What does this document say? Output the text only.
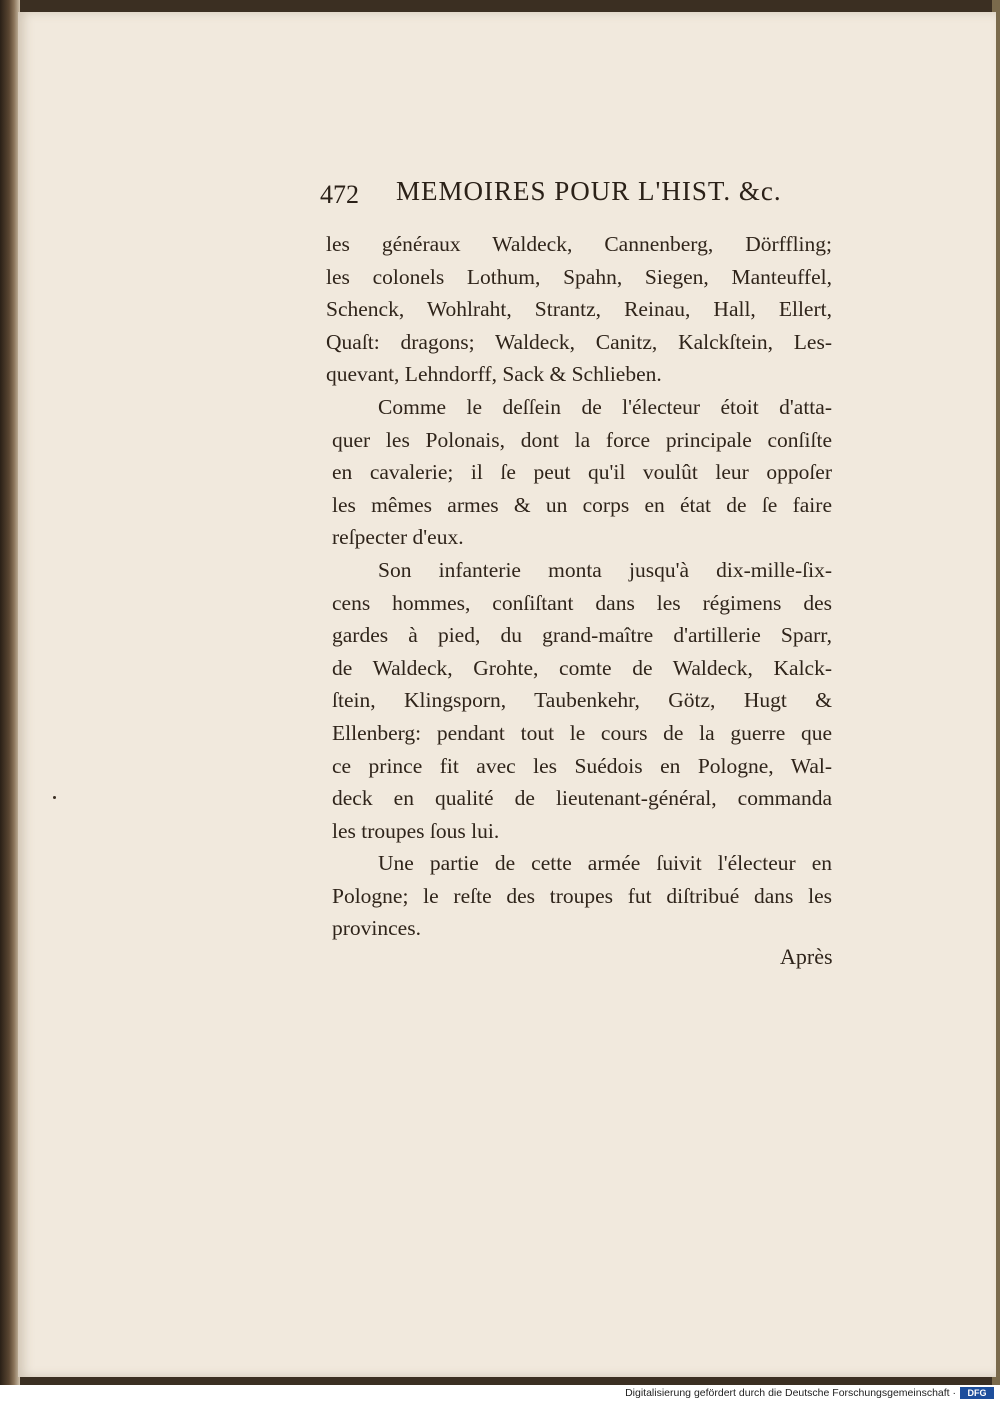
472 MEMOIRES POUR L'HIST. &c.
les généraux Waldeck, Cannenberg, Dörffling;
les colonels Lothum, Spahn, Siegen, Manteuffel,
Schenck, Wohlraht, Strantz, Reinau, Hall, Ellert,
Quaſt: dragons; Waldeck, Canitz, Kalckſtein, Les-
quevant, Lehndorff, Sack & Schlieben.
Comme le deſſein de l'électeur étoit d'atta-
quer les Polonais, dont la force principale conſiſte
en cavalerie; il ſe peut qu'il voulût leur oppoſer
les mêmes armes & un corps en état de ſe faire
reſpecter d'eux.
Son infanterie monta jusqu'à dix-mille-ſix-
cens hommes, conſiſtant dans les régimens des
gardes à pied, du grand-maître d'artillerie Sparr,
de Waldeck, Grohte, comte de Waldeck, Kalck-
ſtein, Klingsporn, Taubenkehr, Götz, Hugt &
Ellenberg: pendant tout le cours de la guerre que
ce prince fit avec les Suédois en Pologne, Wal-
deck en qualité de lieutenant-général, commanda
les troupes ſous lui.
Une partie de cette armée ſuivit l'électeur en
Pologne; le reſte des troupes fut diſtribué dans les
provinces.
Après
Digitalisierung gefördert durch die Deutsche Forschungsgemeinschaft ·	DFG
